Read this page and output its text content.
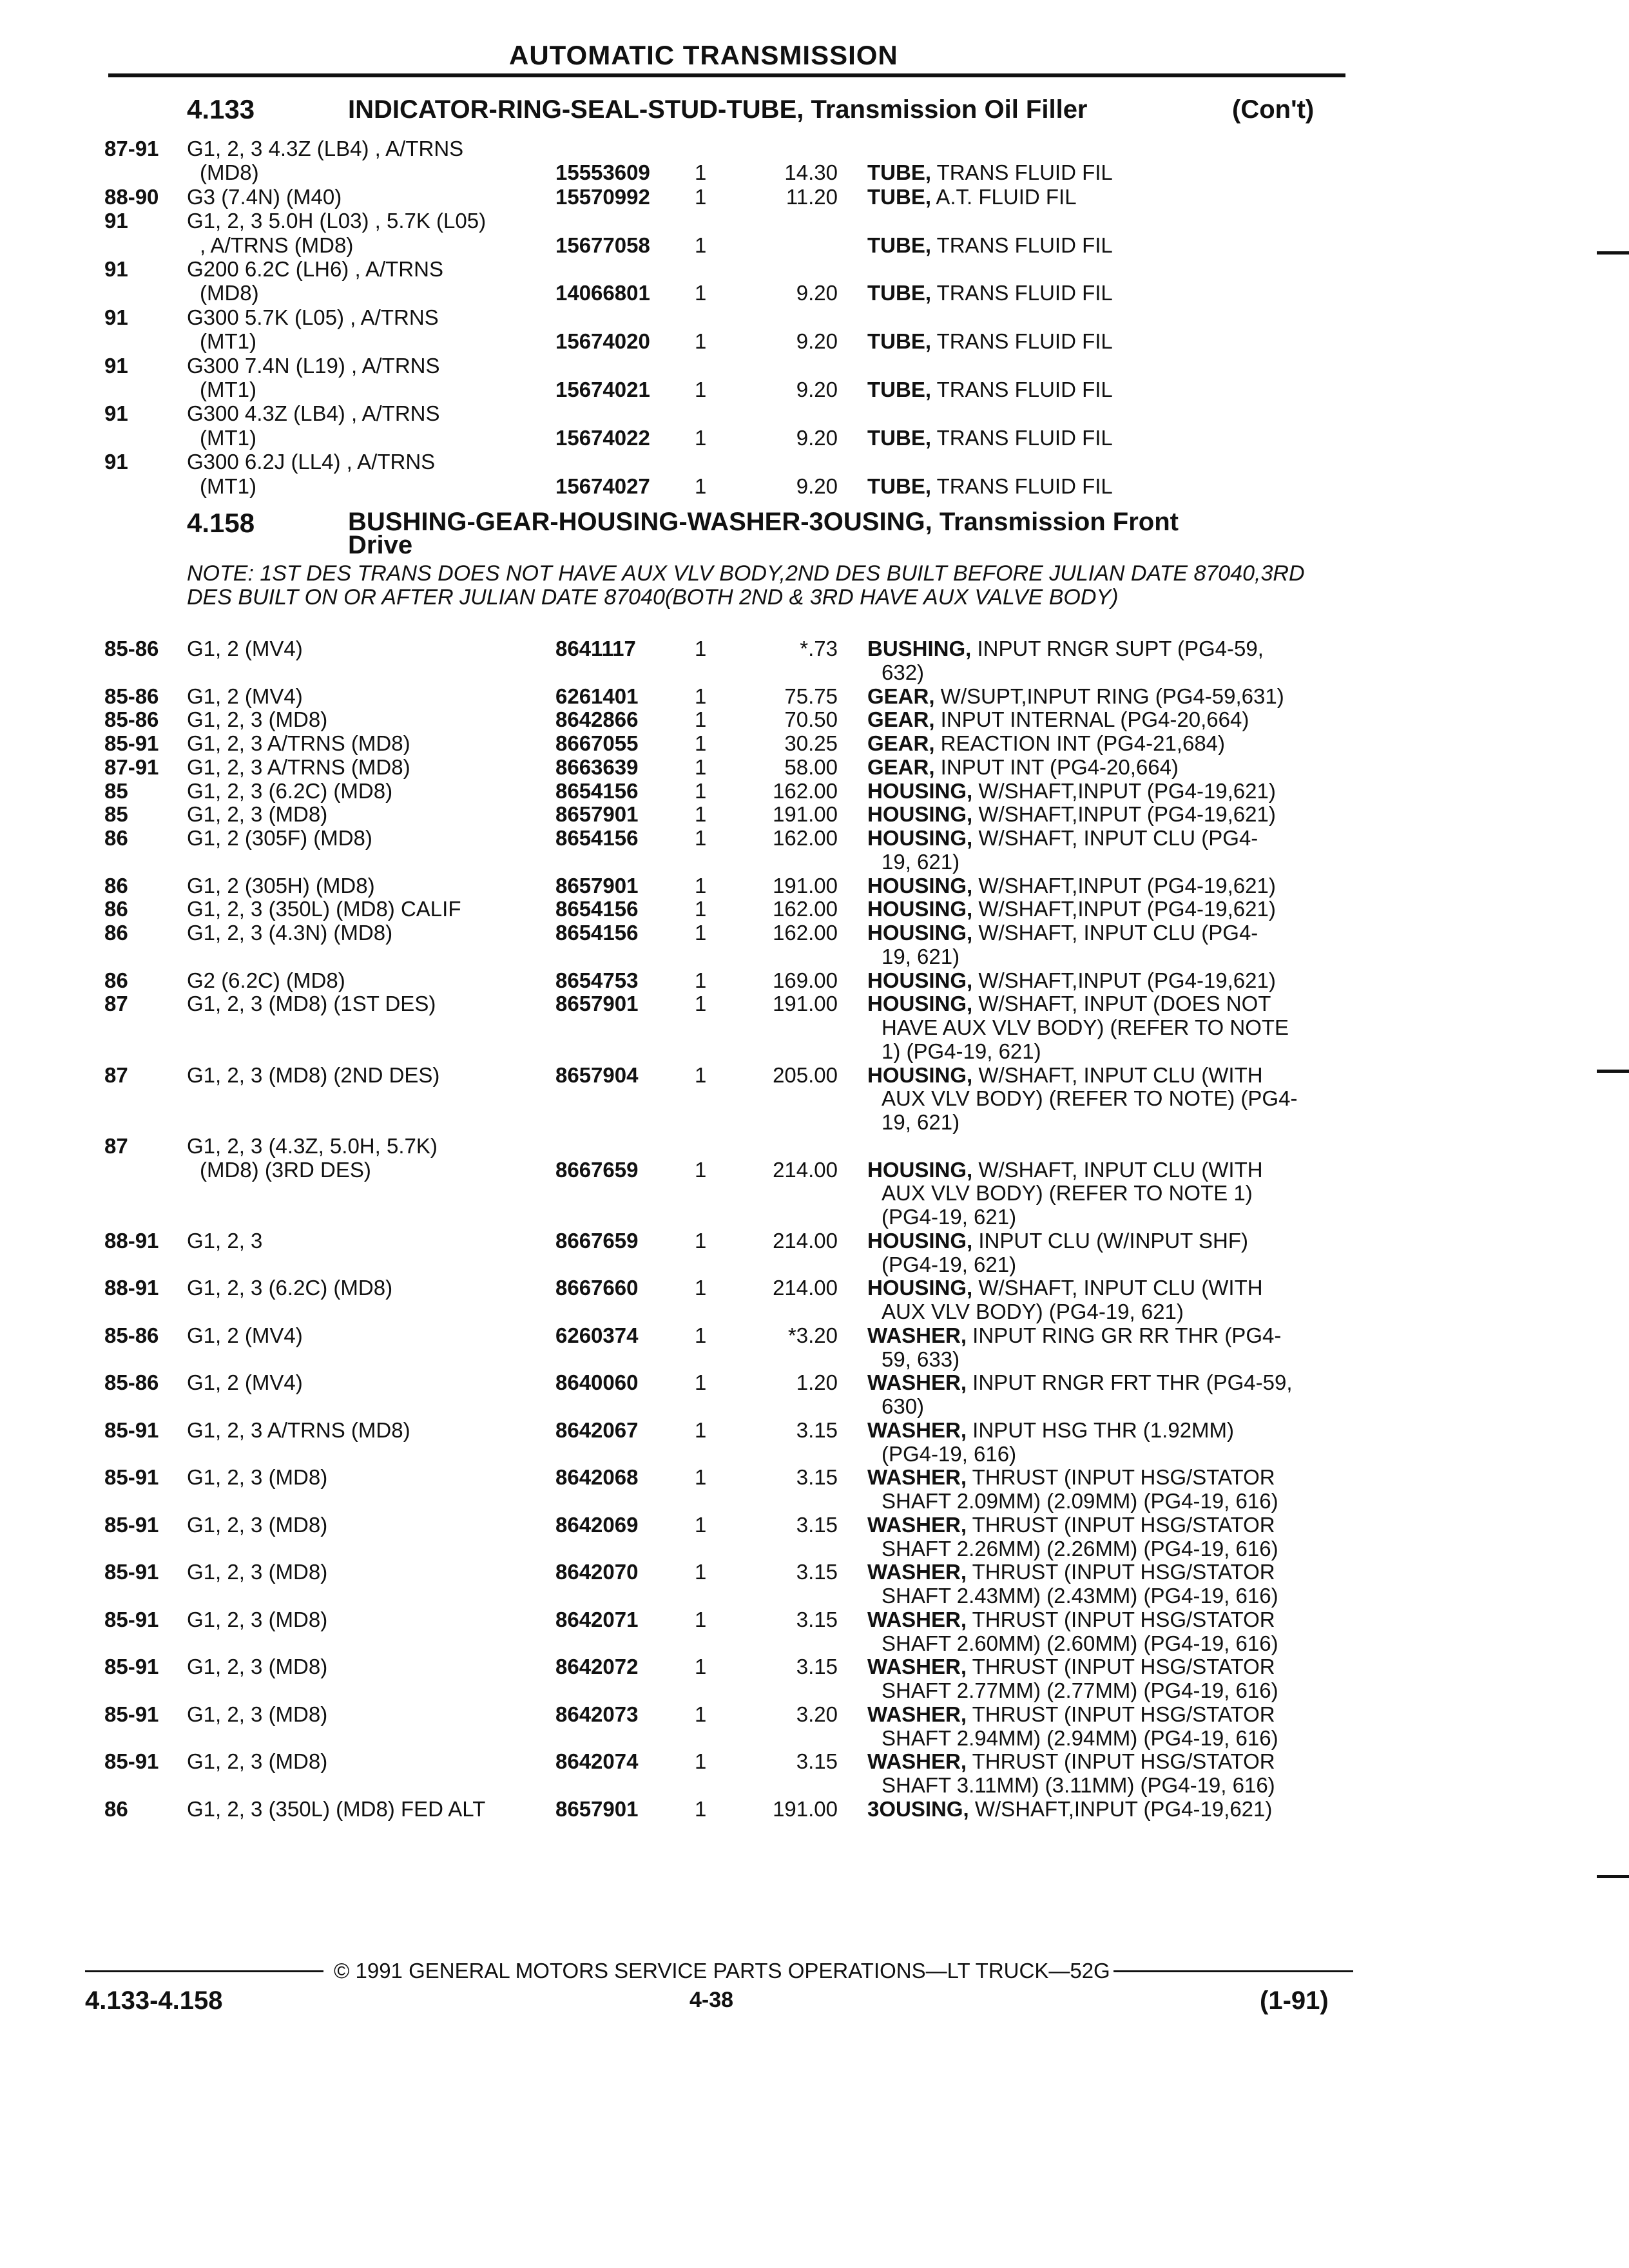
AUTOMATIC TRANSMISSION
4.133	INDICATOR-RING-SEAL-STUD-TUBE, Transmission Oil Filler	(Con't)
4.158	BUSHING-GEAR-HOUSING-WASHER-3OUSING, Transmission Front
Drive
NOTE: 1ST DES TRANS DOES NOT HAVE AUX VLV BODY,2ND DES BUILT BEFORE JULIAN DATE 87040,3RD DES BUILT ON OR AFTER JULIAN DATE 87040(BOTH 2ND & 3RD HAVE AUX VALVE BODY)
87-91 G1, 2, 3 4.3Z (LB4) , A/TRNS
(MD8)	15553609 1	14.30 TUBE, TRANS FLUID FIL
88-90 G3 (7.4N) (M40)	15570992 1	11.20 TUBE, A.T. FLUID FIL
91	G1, 2, 3 5.0H (L03) , 5.7K (L05)
, A/TRNS (MD8)	15677058 1	TUBE, TRANS FLUID FIL
91	G200 6.2C (LH6) , A/TRNS
(MD8)	14066801 1	9.20 TUBE, TRANS FLUID FIL
91	G300 5.7K (L05) , A/TRNS
(MT1)	15674020 1	9.20 TUBE, TRANS FLUID FIL
91	G300 7.4N (L19) , A/TRNS
(MT1)	15674021 1	9.20 TUBE, TRANS FLUID FIL
91	G300 4.3Z (LB4) , A/TRNS
(MT1)	15674022 1	9.20 TUBE, TRANS FLUID FIL
91	G300 6.2J (LL4) , A/TRNS
(MT1)	15674027 1	9.20 TUBE, TRANS FLUID FIL
85-86 G1, 2 (MV4)	8641117	1	*.73 BUSHING, INPUT RNGR SUPT (PG4-59,
632)
85-86 G1, 2 (MV4)	6261401	1	75.75 GEAR, W/SUPT,INPUT RING (PG4-59,631)
85-86 G1, 2, 3 (MD8)	8642866	1	70.50 GEAR, INPUT INTERNAL (PG4-20,664)
85-91 G1, 2, 3 A/TRNS (MD8)	8667055	1	30.25 GEAR, REACTION INT (PG4-21,684)
87-91 G1, 2, 3 A/TRNS (MD8)	8663639	1	58.00 GEAR, INPUT INT (PG4-20,664)
85	G1, 2, 3 (6.2C) (MD8)	8654156	1	162.00 HOUSING, W/SHAFT,INPUT (PG4-19,621)
85	G1, 2, 3 (MD8)	8657901	1	191.00 HOUSING, W/SHAFT,INPUT (PG4-19,621)
86	G1, 2 (305F) (MD8)	8654156	1	162.00 HOUSING, W/SHAFT, INPUT CLU (PG4-
19, 621)
86	G1, 2 (305H) (MD8)	8657901	1	191.00 HOUSING, W/SHAFT,INPUT (PG4-19,621)
86	G1, 2, 3 (350L) (MD8) CALIF	8654156	1	162.00 HOUSING, W/SHAFT,INPUT (PG4-19,621)
86	G1, 2, 3 (4.3N) (MD8)	8654156	1	162.00 HOUSING, W/SHAFT, INPUT CLU (PG4-
19, 621)
86	G2 (6.2C) (MD8)	8654753	1	169.00 HOUSING, W/SHAFT,INPUT (PG4-19,621)
87	G1, 2, 3 (MD8) (1ST DES)	8657901	1	191.00 HOUSING, W/SHAFT, INPUT (DOES NOT
HAVE AUX VLV BODY) (REFER TO NOTE
1) (PG4-19, 621)
87	G1, 2, 3 (MD8) (2ND DES)	8657904	1	205.00 HOUSING, W/SHAFT, INPUT CLU (WITH
AUX VLV BODY) (REFER TO NOTE) (PG4-
19, 621)
87	G1, 2, 3 (4.3Z, 5.0H, 5.7K)
(MD8) (3RD DES)	8667659	1	214.00 HOUSING, W/SHAFT, INPUT CLU (WITH
AUX VLV BODY) (REFER TO NOTE 1)
(PG4-19, 621)
88-91 G1, 2, 3	8667659	1	214.00 HOUSING, INPUT CLU (W/INPUT SHF)
(PG4-19, 621)
88-91 G1, 2, 3 (6.2C) (MD8)	8667660	1	214.00 HOUSING, W/SHAFT, INPUT CLU (WITH
AUX VLV BODY) (PG4-19, 621)
85-86 G1, 2 (MV4)	6260374	1	*3.20 WASHER, INPUT RING GR RR THR (PG4-
59, 633)
85-86 G1, 2 (MV4)	8640060	1	1.20 WASHER, INPUT RNGR FRT THR (PG4-59,
630)
85-91 G1, 2, 3 A/TRNS (MD8)	8642067	1	3.15 WASHER, INPUT HSG THR (1.92MM)
(PG4-19, 616)
85-91 G1, 2, 3 (MD8)	8642068	1	3.15 WASHER, THRUST (INPUT HSG/STATOR
SHAFT 2.09MM) (2.09MM) (PG4-19, 616)
85-91 G1, 2, 3 (MD8)	8642069	1	3.15 WASHER, THRUST (INPUT HSG/STATOR
SHAFT 2.26MM) (2.26MM) (PG4-19, 616)
85-91 G1, 2, 3 (MD8)	8642070	1	3.15 WASHER, THRUST (INPUT HSG/STATOR
SHAFT 2.43MM) (2.43MM) (PG4-19, 616)
85-91 G1, 2, 3 (MD8)	8642071	1	3.15 WASHER, THRUST (INPUT HSG/STATOR
SHAFT 2.60MM) (2.60MM) (PG4-19, 616)
85-91 G1, 2, 3 (MD8)	8642072	1	3.15 WASHER, THRUST (INPUT HSG/STATOR
SHAFT 2.77MM) (2.77MM) (PG4-19, 616)
85-91 G1, 2, 3 (MD8)	8642073	1	3.20 WASHER, THRUST (INPUT HSG/STATOR
SHAFT 2.94MM) (2.94MM) (PG4-19, 616)
85-91 G1, 2, 3 (MD8)	8642074	1	3.15 WASHER, THRUST (INPUT HSG/STATOR
SHAFT 3.11MM) (3.11MM) (PG4-19, 616)
86	G1, 2, 3 (350L) (MD8) FED ALT	8657901	1	191.00 3OUSING, W/SHAFT,INPUT (PG4-19,621)
© 1991 GENERAL MOTORS SERVICE PARTS OPERATIONS—LT TRUCK—52G
4.133-4.158	4-38	(1-91)
